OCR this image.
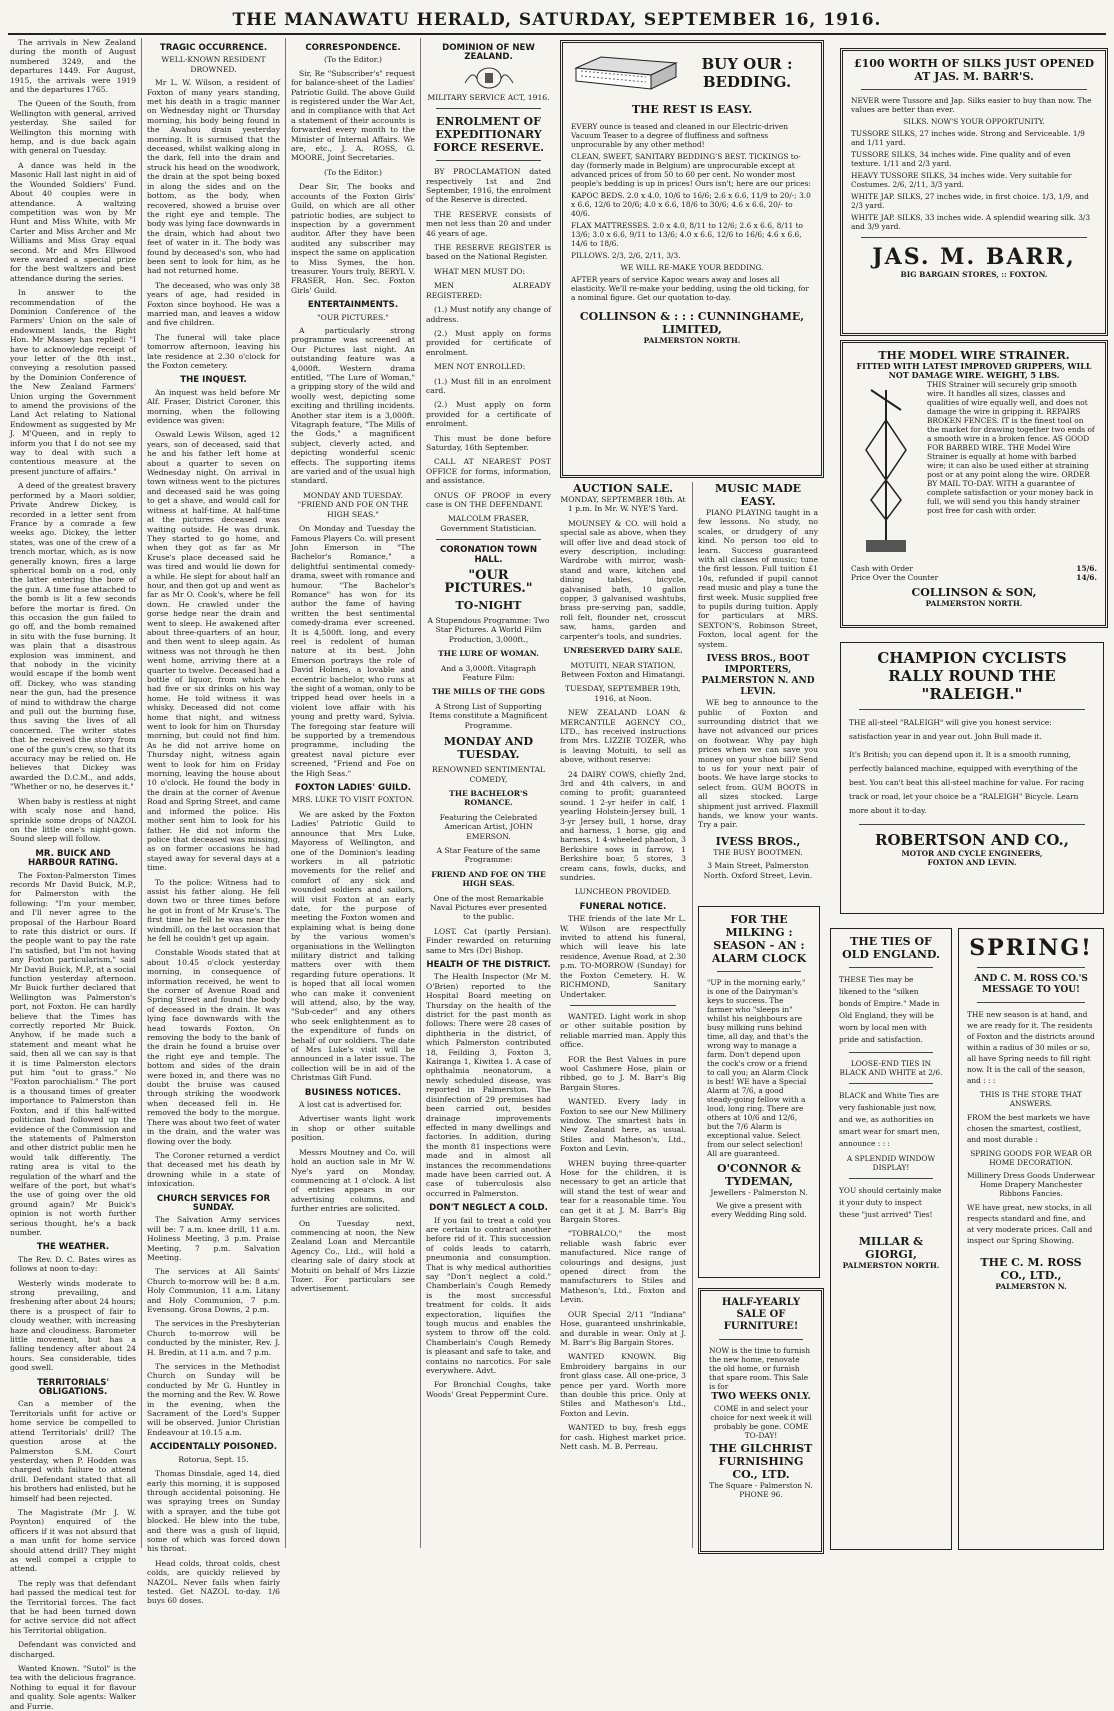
THE MANAWATU HERALD, SATURDAY, SEPTEMBER 16, 1916.

The arrivals in New Zealand during the month of August numbered 3249, and the departures 1449. For August, 1915, the arrivals were 1919 and the departures 1765.

The Queen of the South, from Wellington with general, arrived yesterday. She sailed for Wellington this morning with hemp, and is due back again with general on Tuesday.

A dance was held in the Masonic Hall last night in aid of the Wounded Soldiers' Fund. About 40 couples were in attendance. A waltzing competition was won by Mr Hunt and Miss White, with Mr Carter and Miss Archer and Mr Williams and Miss Gray equal second. Mr and Mrs Ellwood were awarded a special prize for the best waltzers and best attendance during the series.

In answer to the recommendation of the Dominion Conference of the Farmers' Union on the sale of endowment lands, the Right Hon. Mr Massey has replied: "I have to acknowledge receipt of your letter of the 8th inst., conveying a resolution passed by the Dominion Conference of the New Zealand Farmers' Union urging the Government to amend the provisions of the Land Act relating to National Endowment as suggested by Mr J. M'Queen, and in reply to inform you that I do not see my way to deal with such a contentious measure at the present juncture of affairs."

A deed of the greatest bravery performed by a Maori soldier, Private Andrew Dickey, is recorded in a letter sent from France by a comrade a few weeks ago. Dickey, the letter states, was one of the crew of a trench mortar, which, as is now generally known, fires a large spherical bomb on a rod, only the latter entering the bore of the gun. A time fuse attached to the bomb is lit a few seconds before the mortar is fired. On this occasion the gun failed to go off, and the bomb remained in situ with the fuse burning. It was plain that a disastrous explosion was imminent, and that nobody in the vicinity would escape if the bomb went off. Dickey, who was standing near the gun, had the presence of mind to withdraw the charge and pull out the burning fuse, thus saving the lives of all concerned. The writer states that he received the story from one of the gun's crew, so that its accuracy may be relied on. He believes that Dickey was awarded the D.C.M., and adds, "Whether or no, he deserves it."

When baby is restless at night with scaly nose and hand, sprinkle some drops of NAZOL on the little one's night-gown. Sound sleep will follow.

MR. BUICK AND HARBOUR RATING.

The Foxton-Palmerston Times records Mr David Buick, M.P., for Palmerston with the following: "I'm your member, and I'll never agree to the proposal of the Harbour Board to rate this district or ours. If the people want to pay the rate I'm satisfied, but I'm not having any Foxton particularism," said Mr David Buick, M.P., at a social function yesterday afternoon. Mr Buick further declared that Wellington was Palmerston's port, not Foxton. He can hardly believe that the Times has correctly reported Mr Buick. Anyhow, if he made such a statement and meant what he said, then all we can say is that it is time Palmerston electors put him "out to grass." No "Foxton parochialism." The port is a thousand times of greater importance to Palmerston than Foxton, and if this half-witted politician had followed up the evidence of the Commission and the statements of Palmerston and other district public men he would talk differently. The rating area is vital to the regulation of the wharf and the welfare of the port, but what's the use of going over the old ground again? Mr Buick's opinion is not worth further serious thought, he's a back number.

THE WEATHER.

The Rev. D. C. Bates wires as follows at noon to-day:

Westerly winds moderate to strong prevailing, and freshening after about 24 hours; there is a prospect of fair to cloudy weather, with increasing haze and cloudiness. Barometer little movement, but has a falling tendency after about 24 hours. Sea considerable, tides good swell.

TERRITORIALS' OBLIGATIONS.

Can a member of the Territorials unfit for active or home service be compelled to attend Territorials' drill? The question arose at the Palmerston S.M. Court yesterday, when P. Hodden was charged with failure to attend drill. Defendant stated that all his brothers had enlisted, but he himself had been rejected.

The Magistrate (Mr J. W. Poynton) enquired of the officers if it was not absurd that a man unfit for home service should attend drill? They might as well compel a cripple to attend.

The reply was that defendant had passed the medical test for the Territorial forces. The fact that he had been turned down for active service did not affect his Territorial obligation.

Defendant was convicted and discharged.

Wanted Known. "Sutol" is the tea with the delicious fragrance. Nothing to equal it for flavour and quality. Sole agents: Walker and Furrie.

TRAGIC OCCURRENCE.
WELL-KNOWN RESIDENT DROWNED.

Mr L. W. Wilson, a resident of Foxton of many years standing, met his death in a tragic manner on Wednesday night or Thursday morning, his body being found in the Awahou drain yesterday morning. It is surmised that the deceased, whilst walking along in the dark, fell into the drain and struck his head on the woodwork, the drain at the spot being boxed in along the sides and on the bottom, as the body, when recovered, showed a bruise over the right eye and temple. The body was lying face downwards in the drain, which had about two feet of water in it. The body was found by deceased's son, who had been sent to look for him, as he had not returned home.

The deceased, who was only 38 years of age, had resided in Foxton since boyhood. He was a married man, and leaves a widow and five children.

The funeral will take place tomorrow afternoon, leaving his late residence at 2.30 o'clock for the Foxton cemetery.

THE INQUEST.

An inquest was held before Mr Alf. Fraser, District Coroner, this morning, when the following evidence was given:

Oswald Lewis Wilson, aged 12 years, son of deceased, said that he and his father left home at about a quarter to seven on Wednesday night. On arrival in town witness went to the pictures and deceased said he was going to get a shave, and would call for witness at half-time. At half-time at the pictures deceased was waiting outside. He was drunk. They started to go home, and when they got as far as Mr Kruse's place deceased said he was tired and would lie down for a while. He slept for about half an hour, and then got up and went as far as Mr O. Cook's, where he fell down. He crawled under the gorse hedge near the drain and went to sleep. He awakened after about three-quarters of an hour, and then went to sleep again. As witness was not through he then went home, arriving there at a quarter to twelve. Deceased had a bottle of liquor, from which he had five or six drinks on his way home. He told witness it was whisky. Deceased did not come home that night, and witness went to look for him on Thursday morning, but could not find him. As he did not arrive home on Thursday night, witness again went to look for him on Friday morning, leaving the house about 10 o'clock. He found the body in the drain at the corner of Avenue Road and Spring Street, and came and informed the police. His mother sent him to look for his father. He did not inform the police that deceased was missing, as on former occasions he had stayed away for several days at a time.

To the police: Witness had to assist his father along. He fell down two or three times before he got in front of Mr Kruse's. The first time he fell he was near the windmill, on the last occasion that he fell he couldn't get up again.

Constable Woods stated that at about 10.45 o'clock yesterday morning, in consequence of information received, he went to the corner of Avenue Road and Spring Street and found the body of deceased in the drain. It was lying face downwards with the head towards Foxton. On removing the body to the bank of the drain he found a bruise over the right eye and temple. The bottom and sides of the drain were boxed in, and there was no doubt the bruise was caused through striking the woodwork when deceased fell in. He removed the body to the morgue. There was about two feet of water in the drain, and the water was flowing over the body.

The Coroner returned a verdict that deceased met his death by drowning while in a state of intoxication.

CHURCH SERVICES FOR SUNDAY.

The Salvation Army services will be: 7 a.m. knee drill, 11 a.m. Holiness Meeting, 3 p.m. Praise Meeting, 7 p.m. Salvation Meeting.

The services at All Saints' Church to-morrow will be: 8 a.m. Holy Communion, 11 a.m. Litany and Holy Communion, 7 p.m. Evensong. Grosa Downs, 2 p.m.

The services in the Presbyterian Church to-morrow will be conducted by the minister, Rev. J. H. Bredin, at 11 a.m. and 7 p.m.

The services in the Methodist Church on Sunday will be conducted by Mr G. Huntley in the morning and the Rev. W. Rowe in the evening, when the Sacrament of the Lord's Supper will be observed. Junior Christian Endeavour at 10.15 a.m.

ACCIDENTALLY POISONED.

Rotorua, Sept. 15.

Thomas Dinsdale, aged 14, died early this morning, it is supposed through accidental poisoning. He was spraying trees on Sunday with a sprayer, and the tube got blocked. He blew into the tube, and there was a gush of liquid, some of which was forced down his throat.

Head colds, throat colds, chest colds, are quickly relieved by NAZOL. Never fails when fairly tested. Get NAZOL to-day. 1/6 buys 60 doses.

CORRESPONDENCE.
(To the Editor.)

Sir, Re "Subscriber's" request for balance-sheet of the Ladies' Patriotic Guild. The above Guild is registered under the War Act, and in compliance with that Act a statement of their accounts is forwarded every month to the Minister of Internal Affairs. We are, etc., J. A. ROSS, G. MOORE, Joint Secretaries.

(To the Editor.)

Dear Sir, The books and accounts of the Foxton Girls' Guild, on which are all other patriotic bodies, are subject to inspection by a government auditor. After they have been audited any subscriber may inspect the same on application to Miss Symes, the hon. treasurer. Yours truly, BERYL V. FRASER, Hon. Sec. Foxton Girls' Guild.

ENTERTAINMENTS.
"OUR PICTURES."

A particularly strong programme was screened at Our Pictures last night. An outstanding feature was a 4,000ft. Western drama entitled, "The Lure of Woman," a gripping story of the wild and woolly west, depicting some exciting and thrilling incidents. Another star item is a 3,000ft. Vitagraph feature, "The Mills of the Gods," a magnificent subject, cleverly acted, and depicting wonderful scenic effects. The supporting items are varied and of the usual high standard.

MONDAY AND TUESDAY. "FRIEND AND FOE ON THE HIGH SEAS."

On Monday and Tuesday the Famous Players Co. will present John Emerson in "The Bachelor's Romance," a delightful sentimental comedy-drama, sweet with romance and humour. "The Bachelor's Romance" has won for its author the fame of having written the best sentimental comedy-drama ever screened. It is 4,500ft. long, and every reel is redolent of human nature at its best. John Emerson portrays the role of David Holmes, a lovable and eccentric bachelor, who runs at the sight of a woman, only to be tripped head over heels in a violent love affair with his young and pretty ward, Sylvia. The foregoing star feature will be supported by a tremendous programme, including the greatest naval picture ever screened, "Friend and Foe on the High Seas."

FOXTON LADIES' GUILD.

MRS. LUKE TO VISIT FOXTON.

We are asked by the Foxton Ladies' Patriotic Guild to announce that Mrs Luke, Mayoress of Wellington, and one of the Dominion's leading workers in all patriotic movements for the relief and comfort of any sick and wounded soldiers and sailors, will visit Foxton at an early date, for the purpose of meeting the Foxton women and explaining what is being done by the various women's organisations in the Wellington military district and talking matters over with them regarding future operations. It is hoped that all local women who can make it convenient will attend, also, by the way, "Sub-ceder" and any others who seek enlightenment as to the expenditure of funds on behalf of our soldiers. The date of Mrs Luke's visit will be announced in a later issue. The collection will be in aid of the Christmas Gift Fund.

BUSINESS NOTICES.

A lost cat is advertised for.

Advertiser wants light work in shop or other suitable position.

Messrs Moutney and Co. will hold an auction sale in Mr W. Nye's yard on Monday, commencing at 1 o'clock. A list of entries appears in our advertising columns, and further entries are solicited.

On Tuesday next, commencing at noon, the New Zealand Loan and Mercantile Agency Co., Ltd., will hold a clearing sale of dairy stock at Motuiti on behalf of Mrs Lizzie Tozer. For particulars see advertisement.

DOMINION OF NEW ZEALAND.
MILITARY SERVICE ACT, 1916.
ENROLMENT OF EXPEDITIONARY FORCE RESERVE.

BY PROCLAMATION dated respectively 1st and 2nd September, 1916, the enrolment of the Reserve is directed.

THE RESERVE consists of men not less than 20 and under 46 years of age.

THE RESERVE REGISTER is based on the National Register.

WHAT MEN MUST DO:

MEN ALREADY REGISTERED:

(1.) Must notify any change of address.

(2.) Must apply on forms provided for certificate of enrolment.

MEN NOT ENROLLED:

(1.) Must fill in an enrolment card.

(2.) Must apply on form provided for a certificate of enrolment.

This must be done before Saturday, 16th September.

CALL AT NEAREST POST OFFICE for forms, information, and assistance.

ONUS OF PROOF in every case is ON THE DEFENDANT.

MALCOLM FRASER, Government Statistician.

CORONATION TOWN HALL.
"OUR PICTURES."
TO-NIGHT

A Stupendous Programme: Two Star Pictures. A World Film Production, 3,000ft.,

THE LURE OF WOMAN.

And a 3,000ft. Vitagraph Feature Film:

THE MILLS OF THE GODS

A Strong List of Supporting Items constitute a Magnificent Programme.

MONDAY AND TUESDAY.

RENOWNED SENTIMENTAL COMEDY,

THE BACHELOR'S ROMANCE.

Featuring the Celebrated American Artist, JOHN EMERSON.

A Star Feature of the same Programme:

FRIEND AND FOE ON THE HIGH SEAS.

One of the most Remarkable Naval Pictures ever presented to the public.

LOST. Cat (partly Persian). Finder rewarded on returning same to Mrs (Dr) Bishop.

HEALTH OF THE DISTRICT.

The Health Inspector (Mr M. O'Brien) reported to the Hospital Board meeting on Thursday on the health of the district for the past month as follows: There were 28 cases of diphtheria in the district, of which Palmerston contributed 18, Feilding 3, Foxton 3, Kairanga 1, Kiwitea 1. A case of ophthalmia neonatorum, a newly scheduled disease, was reported in Palmerston. The disinfection of 29 premises had been carried out, besides drainage improvements effected in many dwellings and factories. In addition, during the month 81 inspections were made and in almost all instances the recommendations made have been carried out. A case of tuberculosis also occurred in Palmerston.

DON'T NEGLECT A COLD.

If you fail to treat a cold you are certain to contract another before rid of it. This succession of colds leads to catarrh, pneumonia and consumption. That is why medical authorities say "Don't neglect a cold." Chamberlain's Cough Remedy is the most successful treatment for colds. It aids expectoration, liquifies the tough mucus and enables the system to throw off the cold. Chamberlain's Cough Remedy is pleasant and safe to take, and contains no narcotics. For sale everywhere. Advt.

For Bronchial Coughs, take Woods' Great Peppermint Cure.

BUY OUR : BEDDING.
THE REST IS EASY.

EVERY ounce is teased and cleaned in our Electric-driven Vacuum Teaser to a degree of fluffiness and softness unprocurable by any other method!

CLEAN, SWEET, SANITARY BEDDING'S BEST. TICKINGS to-day (formerly made in Belgium) are unprocurable except at advanced prices of from 50 to 60 per cent. No wonder most people's bedding is up in prices! Ours isn't; here are our prices:

KAPOC BEDS. 2.0 x 4.0, 10/6 to 16/6; 2.6 x 6.6, 11/9 to 20/-; 3.0 x 6.6, 12/6 to 20/6; 4.0 x 6.6, 18/6 to 30/6; 4.6 x 6.6, 20/- to 40/6.

FLAX MATTRESSES. 2.0 x 4.0, 8/11 to 12/6; 2.6 x 6.6, 8/11 to 13/6; 3.0 x 6.6, 9/11 to 13/6; 4.0 x 6.6, 12/6 to 16/6; 4.6 x 6.6, 14/6 to 18/6.

PILLOWS. 2/3, 2/6, 2/11, 3/3.

WE WILL RE-MAKE YOUR BEDDING.

AFTER years of service Kapoc wears away and loses all elasticity. We'll re-make your bedding, using the old ticking, for a nominal figure. Get our quotation to-day.

COLLINSON & : : : CUNNINGHAME, LIMITED,
PALMERSTON NORTH.
AUCTION SALE.

MONDAY, SEPTEMBER 18th. At 1 p.m. In Mr. W. NYE'S Yard.

MOUNSEY & CO. will hold a special sale as above, when they will offer live and dead stock of every description, including: Wardrobe with mirror, wash-stand and ware, kitchen and dining tables, bicycle, galvanised bath, 10 gallon copper, 3 galvanised washtubs, brass pre-serving pan, saddle, roll felt, flounder net, crosscut saw, hams, garden and carpenter's tools, and sundries.

UNRESERVED DAIRY SALE.

MOTUITI, NEAR STATION, Between Foxton and Himatangi.

TUESDAY, SEPTEMBER 19th, 1916, at Noon.

NEW ZEALAND LOAN & MERCANTILE AGENCY CO., LTD., has received instructions from Mrs. LIZZIE TOZER, who is leaving Motuiti, to sell as above, without reserve:

24 DAIRY COWS, chiefly 2nd, 3rd and 4th calvers, in and coming to profit; guaranteed sound. 1 2-yr heifer in calf, 1 yearling Holstein-Jersey bull, 1 3-yr Jersey bull, 1 horse, dray and harness, 1 horse, gig and harness, 1 4-wheeled phaeton, 3 Berkshire sows in farrow, 1 Berkshire boar, 5 stores, 3 cream cans, fowls, ducks, and sundries.

LUNCHEON PROVIDED.

FUNERAL NOTICE.

THE friends of the late Mr L. W. Wilson are respectfully invited to attend his funeral, which will leave his late residence, Avenue Road, at 2.30 p.m. TO-MORROW (Sunday) for the Foxton Cemetery. H. W. RICHMOND, Sanitary Undertaker.

WANTED. Light work in shop or other suitable position by reliable married man. Apply this office.

FOR the Best Values in pure wool Cashmere Hose, plain or ribbed, go to J. M. Barr's Big Bargain Stores.

WANTED. Every lady in Foxton to see our New Millinery window. The smartest hats in New Zealand here, as usual. Stiles and Matheson's, Ltd., Foxton and Levin.

WHEN buying three-quarter Hose for the children, it is necessary to get an article that will stand the test of wear and tear for a reasonable time. You can get it at J. M. Barr's Big Bargain Stores.

"TOBRALCO," the most reliable wash fabric ever manufactured. Nice range of colourings and designs, just opened direct from the manufacturers to Stiles and Matheson's, Ltd., Foxton and Levin.

OUR Special 2/11 "Indiana" Hose, guaranteed unshrinkable, and durable in wear. Only at J. M. Barr's Big Bargain Stores.

WANTED KNOWN. Big Embroidery bargains in our front glass case. All one-price, 3 pence per yard. Worth more than double this price. Only at Stiles and Matheson's Ltd., Foxton and Levin.

WANTED to buy, fresh eggs for cash. Highest market price. Nett cash. M. B. Perreau.

MUSIC MADE EASY.

PIANO PLAYING taught in a few lessons. No study, no scales, or drudgery of any kind. No person too old to learn. Success guaranteed with all classes of music; tune the first lesson. Full tuition £1 10s, refunded if pupil cannot read music and play a tune the first week. Music supplied free to pupils during tuition. Apply for particulars at MRS. SEXTON'S, Robinson Street, Foxton, local agent for the system.

IVESS BROS., BOOT IMPORTERS, PALMERSTON N. AND LEVIN.

WE beg to announce to the public of Foxton and surrounding district that we have not advanced our prices on footwear. Why pay high prices when we can save you money on your shoe bill? Send to us for your next pair of boots. We have large stocks to select from. GUM BOOTS in all sizes stocked. Large shipment just arrived. Flaxmill hands, we know your wants. Try a pair.

IVESS BROS.,
THE BUSY BOOTMEN.
3 Main Street, Palmerston North. Oxford Street, Levin.
FOR THE MILKING : SEASON - AN : ALARM CLOCK

"UP in the morning early," is one of the Dairyman's keys to success. The farmer who "sleeps in" whilst his neighbours are busy milking runs behind time, all day, and that's the wrong way to manage a farm. Don't depend upon the cock's crow or a friend to call you; an Alarm Clock is best! WE have a Special Alarm at 7/6, a good steady-going fellow with a loud, long ring. There are others at 10/6 and 12/6, but the 7/6 Alarm is exceptional value. Select from our select selection! All are guaranteed.

O'CONNOR & TYDEMAN,
Jewellers - Palmerston N.
We give a present with every Wedding Ring sold.
HALF-YEARLY SALE OF FURNITURE!

NOW is the time to furnish the new home, renovate the old home, or furnish that spare room. This Sale is for

TWO WEEKS ONLY.

COME in and select your choice for next week it will probably be gone. COME TO-DAY!

THE GILCHRIST FURNISHING CO., LTD.
The Square - Palmerston N.
PHONE 96.
£100 WORTH OF SILKS JUST OPENED AT JAS. M. BARR'S.

NEVER were Tussore and Jap. Silks easier to buy than now. The values are better than ever.

SILKS. NOW'S YOUR OPPORTUNITY.

TUSSORE SILKS, 27 inches wide. Strong and Serviceable. 1/9 and 1/11 yard.

TUSSORE SILKS, 34 inches wide. Fine quality and of even texture. 1/11 and 2/3 yard.

HEAVY TUSSORE SILKS, 34 inches wide. Very suitable for Costumes. 2/6, 2/11, 3/3 yard.

WHITE JAP. SILKS, 27 inches wide, in first choice. 1/3, 1/9, and 2/3 yard.

WHITE JAP. SILKS, 33 inches wide. A splendid wearing silk. 3/3 and 3/9 yard.

JAS. M. BARR,
BIG BARGAIN STORES, :: FOXTON.
THE MODEL WIRE STRAINER.
FITTED WITH LATEST IMPROVED GRIPPERS, WILL NOT DAMAGE WIRE. WEIGHT, 5 LBS.

THIS Strainer will securely grip smooth wire. It handles all sizes, classes and qualities of wire equally well, and does not damage the wire in gripping it. REPAIRS BROKEN FENCES. IT is the finest tool on the market for drawing together two ends of a smooth wire in a broken fence. AS GOOD FOR BARBED WIRE. THE Model Wire Strainer is equally at home with barbed wire; it can also be used either at straining post or at any point along the wire. ORDER BY MAIL TO-DAY. WITH a guarantee of complete satisfaction or your money back in full, we will send you this handy strainer post free for cash with order.

Cash with Order	15/6.
Price Over the Counter	14/6.
COLLINSON & SON,
PALMERSTON NORTH.
CHAMPION CYCLISTS RALLY ROUND THE "RALEIGH."

THE all-steel "RALEIGH" will give you honest service: satisfaction year in and year out. John Bull made it.

It's British; you can depend upon it. It is a smooth running, perfectly balanced machine, equipped with everything of the best. You can't beat this all-steel machine for value. For racing track or road, let your choice be a "RALEIGH" Bicycle. Learn more about it to-day.

ROBERTSON AND CO.,
MOTOR AND CYCLE ENGINEERS,
FOXTON AND LEVIN.
THE TIES OF OLD ENGLAND.

THESE Ties may be likened to the "silken bonds of Empire." Made in Old England, they will be worn by local men with pride and satisfaction.

LOOSE-END TIES IN BLACK AND WHITE at 2/6.

BLACK and White Ties are very fashionable just now, and we, as authorities on smart wear for smart men, announce : : :

A SPLENDID WINDOW DISPLAY!

YOU should certainly make it your duty to inspect these "just arrived" Ties!

MILLAR & GIORGI,
PALMERSTON NORTH.
SPRING!
AND C. M. ROSS CO.'S MESSAGE TO YOU!

THE new season is at hand, and we are ready for it. The residents of Foxton and the districts around within a radius of 30 miles or so, all have Spring needs to fill right now. It is the call of the season, and : : :

THIS IS THE STORE THAT ANSWERS.

FROM the best markets we have chosen the smartest, costliest, and most durable :

SPRING GOODS FOR WEAR OR HOME DECORATION.

Millinery Dress Goods Underwear Home Drapery Manchester Ribbons Fancies.

WE have great, new stocks, in all respects standard and fine, and at very moderate prices. Call and inspect our Spring Showing.

THE C. M. ROSS CO., LTD.,
PALMERSTON N.
